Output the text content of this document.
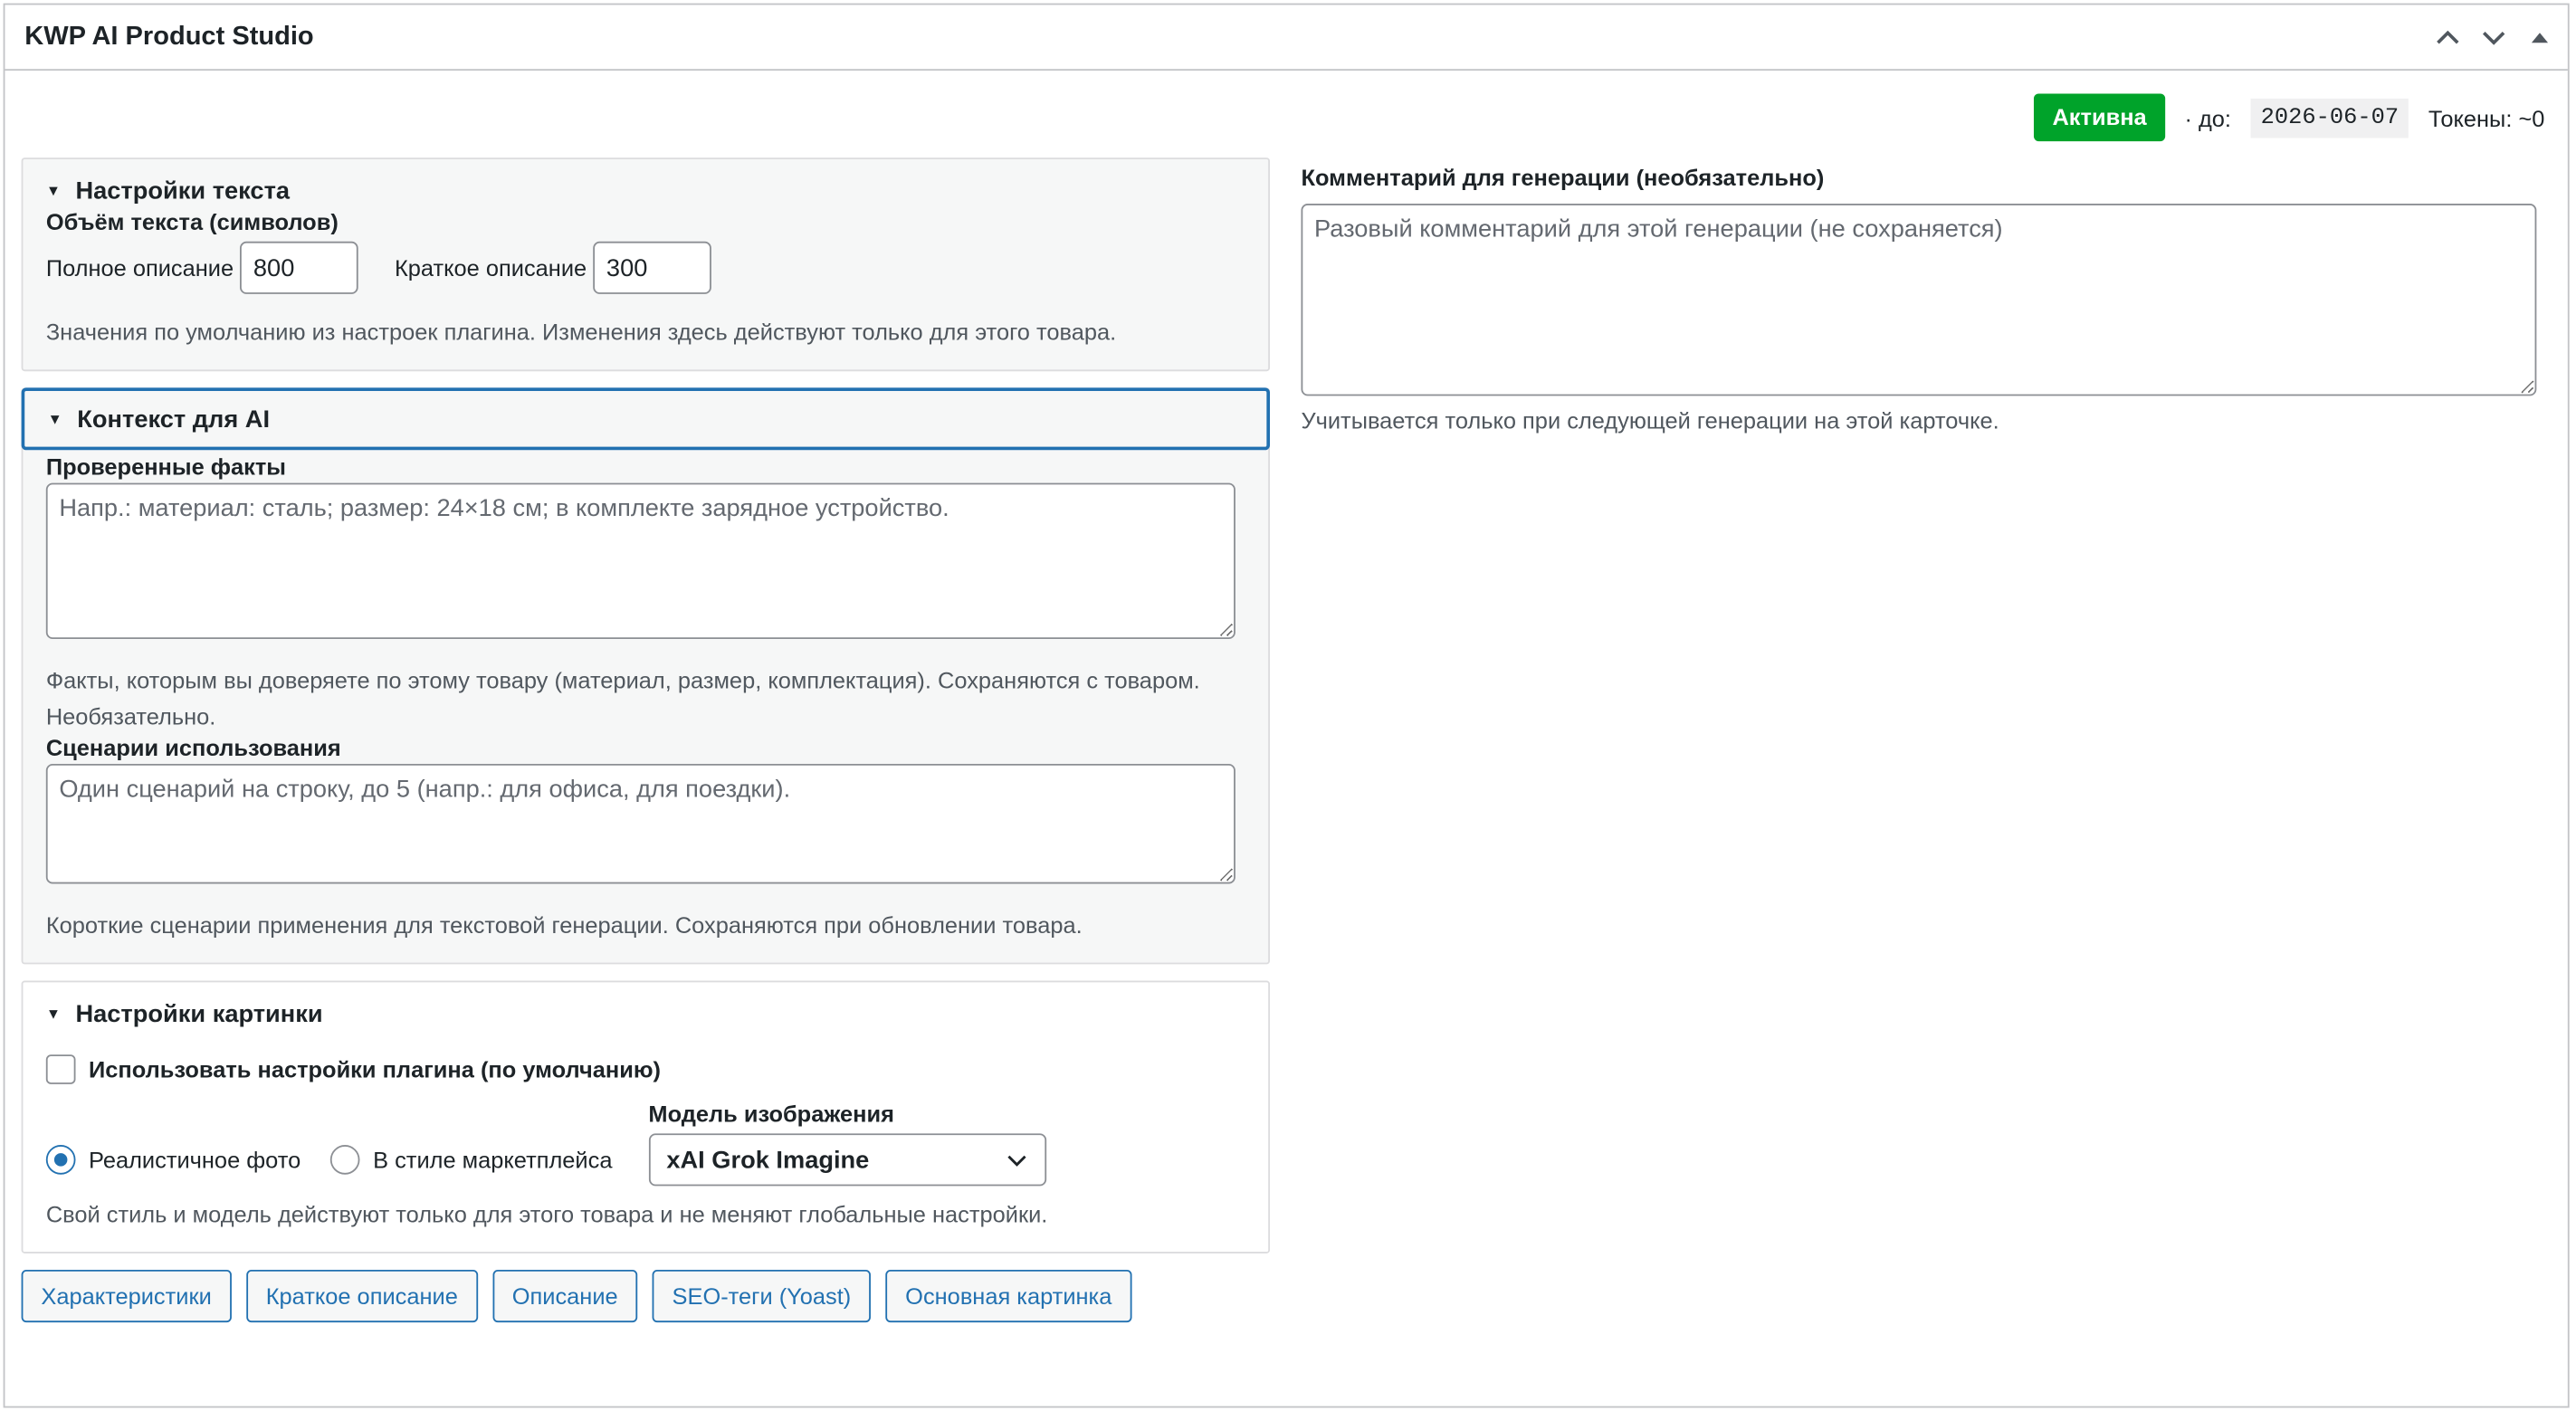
KWP AI Product Studio
Активна	· до:	2026-06-07	Токены: ~0
▼ Настройки текста
Объём текста (символов)
Полное описание
800	Краткое описание
300
Значения по умолчанию из настроек плагина. Изменения здесь действуют только для этого товара.
▼ Контекст для AI
Проверенные факты
Напр.: материал: сталь; размер: 24×18 см; в комплекте зарядное устройство.
Факты, которым вы доверяете по этому товару (материал, размер, комплектация). Сохраняются с товаром. Необязательно.
Сценарии использования
Один сценарий на строку, до 5 (напр.: для офиса, для поездки).
Короткие сценарии применения для текстовой генерации. Сохраняются при обновлении товара.
▼ Настройки картинки
Использовать настройки плагина (по умолчанию)
Реалистичное фото	В стиле маркетплейса
Модель изображения
xAI Grok Imagine
Свой стиль и модель действуют только для этого товара и не меняют глобальные настройки.
Характеристики	Краткое описание	Описание	SEO-теги (Yoast)	Основная картинка
Комментарий для генерации (необязательно)
Разовый комментарий для этой генерации (не сохраняется)
Учитывается только при следующей генерации на этой карточке.
